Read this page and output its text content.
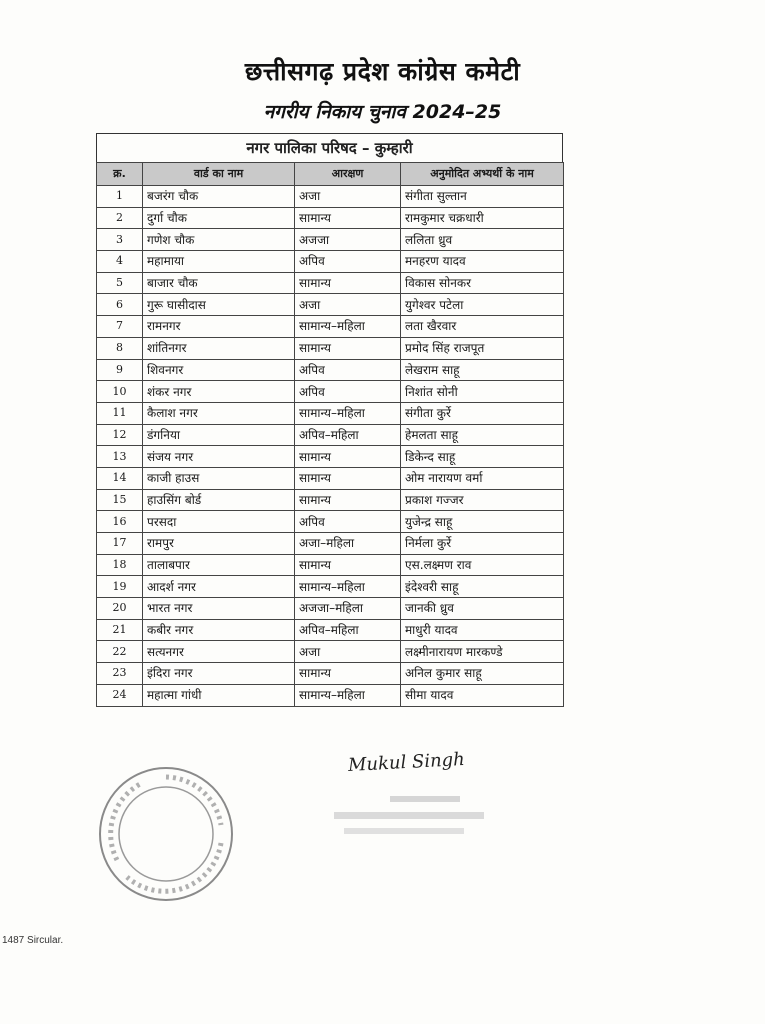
छत्तीसगढ़ प्रदेश कांग्रेस कमेटी
नगरीय निकाय चुनाव 2024–25
नगर पालिका परिषद – कुम्हारी
क्र.	वार्ड का नाम	आरक्षण	अनुमोदित अभ्यर्थी के नाम
1	बजरंग चौक	अजा	संगीता सुल्तान
2	दुर्गा चौक	सामान्य	रामकुमार चक्रधारी
3	गणेश चौक	अजजा	ललिता ध्रुव
4	महामाया	अपिव	मनहरण यादव
5	बाजार चौक	सामान्य	विकास सोनकर
6	गुरू घासीदास	अजा	युगेश्वर पटेला
7	रामनगर	सामान्य–महिला	लता खैरवार
8	शांतिनगर	सामान्य	प्रमोद सिंह राजपूत
9	शिवनगर	अपिव	लेखराम साहू
10	शंकर नगर	अपिव	निशांत सोनी
11	कैलाश नगर	सामान्य–महिला	संगीता कुर्रे
12	डंगनिया	अपिव–महिला	हेमलता साहू
13	संजय नगर	सामान्य	डिकेन्द साहू
14	काजी हाउस	सामान्य	ओम नारायण वर्मा
15	हाउसिंग बोर्ड	सामान्य	प्रकाश गज्जर
16	परसदा	अपिव	युजेन्द्र साहू
17	रामपुर	अजा–महिला	निर्मला कुर्रे
18	तालाबपार	सामान्य	एस.लक्ष्मण राव
19	आदर्श नगर	सामान्य–महिला	इंदेश्वरी साहू
20	भारत नगर	अजजा–महिला	जानकी ध्रुव
21	कबीर नगर	अपिव–महिला	माधुरी यादव
22	सत्यनगर	अजा	लक्ष्मीनारायण मारकण्डे
23	इंदिरा नगर	सामान्य	अनिल कुमार साहू
24	महात्मा गांधी	सामान्य–महिला	सीमा यादव
Mukul Singh
1487 Sircular.
